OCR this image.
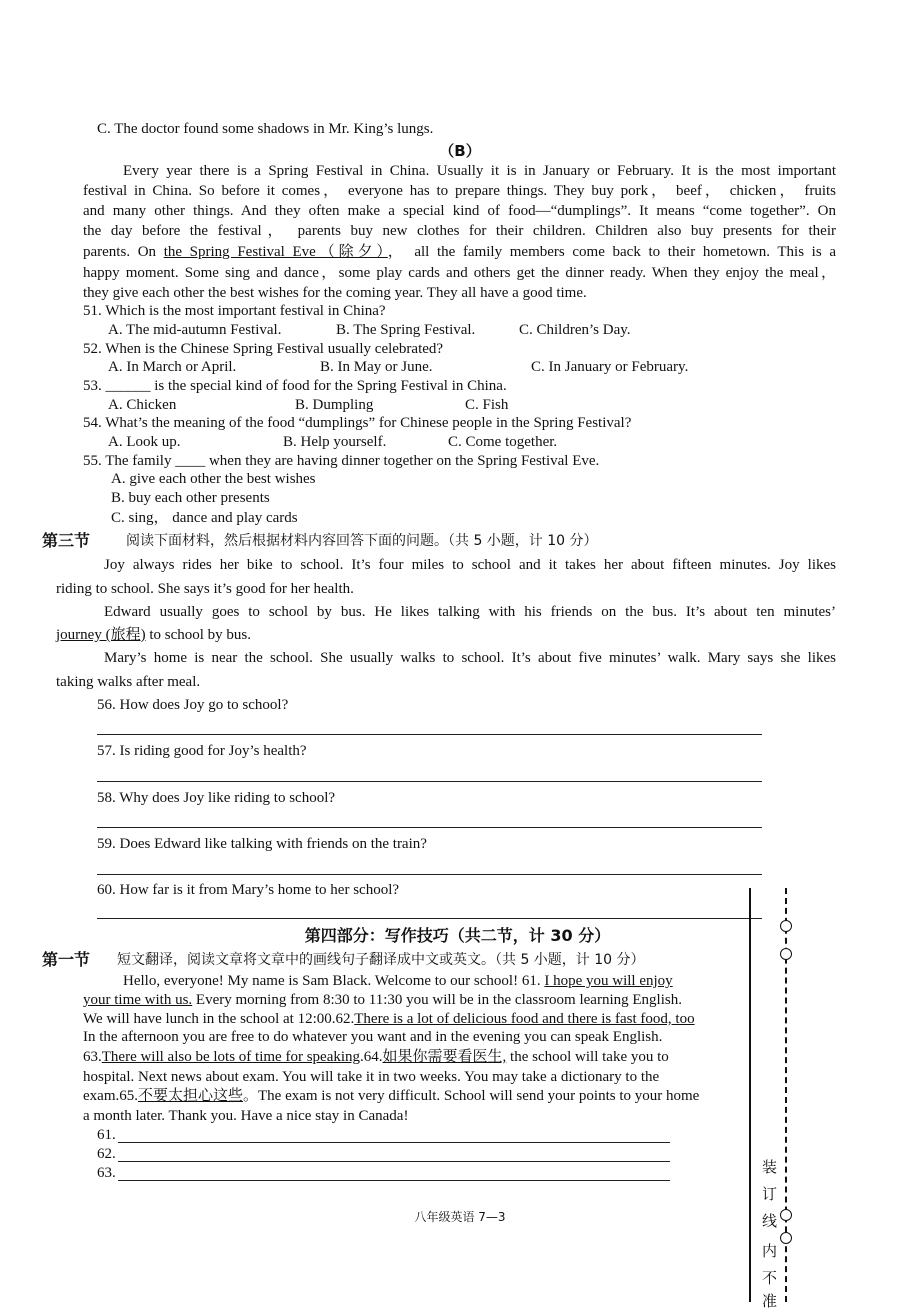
C. The doctor found some shadows in Mr. King’s lungs.
（B）
Every year there is a Spring Festival in China. Usually it is in January or February. It is the most important
festival in China. So before it comes， everyone has to prepare things. They buy pork， beef， chicken， fruits
and many other things. And they often make a special kind of food—“dumplings”. It means “come together”. On
the day before the festival， parents buy new clothes for their children. Children also buy presents for their
parents. On the Spring Festival Eve（除夕）， all the family members come back to their hometown. This is a
happy moment. Some sing and dance，some play cards and others get the dinner ready. When they enjoy the meal，
they give each other the best wishes for the coming year. They all have a good time.
51. Which is the most important festival in China?
A. The mid-autumn Festival.	B. The Spring Festival.	C. Children’s Day.
52. When is the Chinese Spring Festival usually celebrated?
A. In March or April.	B. In May or June.	C. In January or February.
53. ______ is the special kind of food for the Spring Festival in China.
A. Chicken	B. Dumpling	C. Fish
54. What’s the meaning of the food “dumplings” for Chinese people in the Spring Festival?
A. Look up.	B. Help yourself.	C. Come together.
55. The family ____ when they are having dinner together on the Spring Festival Eve.
A. give each other the best wishes
B. buy each other presents
C. sing， dance and play cards
第三节	阅读下面材料，然后根据材料内容回答下面的问题。（共 5 小题，计 10 分）
Joy always rides her bike to school. It’s four miles to school and it takes her about fifteen minutes. Joy likes
riding to school. She says it’s good for her health.
Edward usually goes to school by bus. He likes talking with his friends on the bus. It’s about ten minutes’
journey (旅程) to school by bus.
Mary’s home is near the school. She usually walks to school. It’s about five minutes’ walk. Mary says she likes
taking walks after meal.
56. How does Joy go to school?
57. Is riding good for Joy’s health?
58. Why does Joy like riding to school?
59. Does Edward like talking with friends on the train?
60. How far is it from Mary’s home to her school?
第四部分：写作技巧（共二节，计 30 分）
第一节 短文翻译，阅读文章将文章中的画线句子翻译成中文或英文。（共 5 小题，计 10 分）
Hello, everyone! My name is Sam Black. Welcome to our school! 61. I hope you will enjoy
your time with us. Every morning from 8:30 to 11:30 you will be in the classroom learning English.
We will have lunch in the school at 12:00.62.There is a lot of delicious food and there is fast food, too
In the afternoon you are free to do whatever you want and in the evening you can speak English.
63.There will also be lots of time for speaking.64.如果你需要看医生, the school will take you to
hospital. Next news about exam. You will take it in two weeks. You may take a dictionary to the
exam.65.不要太担心这些。The exam is not very difficult. School will send your points to your home
a month later. Thank you. Have a nice stay in Canada!
61.
62.
63.	装
订
线
内
不
准
八年级英语 7—3
